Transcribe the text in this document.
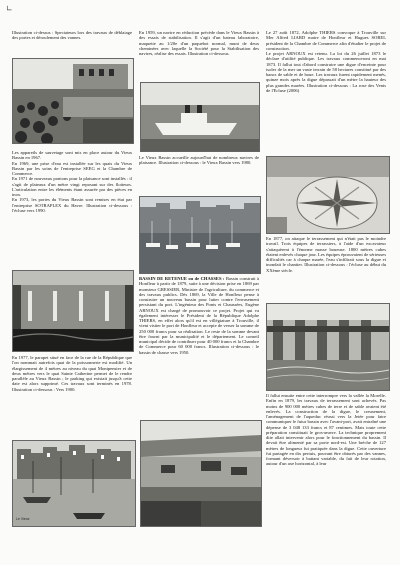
∟
Illustration ci-dessus : Spectateurs lors des travaux de déblaiage des portes et déroulement des vannes.
Les appareils de sauvetage sont mis en place autour du Vieux Bassin en 1967.
En 1969, une prise d'eau est installée sur les quais du Vieux Bassin par les soins de l'entreprise SEEG et la Chambre de Commerce.
En 1971 de nouveaux pontons pour la plaisance sont installés : il s'agit de plateaux d'un mètre vingt reposant sur des flotteurs. L'articulation entre les éléments étant assurée par des pièces en inox.
En 1973, les portes du Vieux Bassin sont remises en état par l'entreprise SOTRAPLEX du Havre. Illustration ci-dessous : l'écluse vers 1990.
En 1977, le parapet situé en face de la rue de la République que l'on nommait autrefois quai de la poissonnerie est modifié. Un élargissement de 4 mètres au niveau du quai Montpensier et de deux mètres vers le quai Sainte Catherine permet de le rendre parallèle au Vieux Bassin ; le parking qui existait jusqu'à cette date est alors supprimé. Ces travaux sont terminés en 1978. Illustration ci-dessous : Vers 1900.
Le Vieux
En 1959, un navire en réduction précède dans le Vieux Bassin à des essais de stabilisation. Il s'agit d'un bateau laboratoire, maquette au 1/20e d'un paquebot normal, muni de deux cheminées avec laquelle la Société pour la Stabilisation des navires, réalise des essais. Illustration ci-dessous.
Le Vieux Bassin accueille aujourd'hui de nombreux navires de plaisance. Illustration ci-dessous : le Vieux Bassin vers 1980.
BASSIN DE RETENUE ou de CHASSES : Bassin construit à Honfleur à partir de 1879, suite à une décision prise en 1869 par monsieur GRESSIER, Ministre de l'agriculture, du commerce et des travaux publics. Dès 1869, la Ville de Honfleur pense à construire un nouveau bassin pour lutter contre l'envasement persistant du port. L'ingénieur des Ponts et Chaussées, Eugène ARNOUX est chargé de promouvoir ce projet. Projet qui va également intéresser le Président de la République Adolphe THIERS, en effet alors qu'il est en villégiature à Trouville, il vient visiter le port de Honfleur et accepte de verser la somme de 250 000 francs pour sa réalisation. Le reste de la somme devant être fourni par la municipalité et le département. Le conseil municipal décide de contribuer pour 40 000 francs et la Chambre de Commerce pour 60 000 francs. Illustration ci-dessous : le bassin de chasse vers 1950.
Le 27 août 1872, Adolphe THIERS convoque à Trouville sur Mer Alfred LIARD maire de Honfleur et Hugues SOREL président de la Chambre de Commerce afin d'étudier le projet de construction.
Le projet ARNOUX est retenu. La loi du 26 juillet 1873 le déclare d'utilité publique. Les travaux commenceront en mai 1873. Il fallut tout d'abord construire une digue d'enceinte pour isoler de la mer un vaste terrain de 58 hectares constitué par des bancs de sable et de boue. Les travaux furent rapidement menés, quinze mois après la digue dépassait d'un mètre la hauteur des plus grandes marées. Illustration ci-dessous : La rose des Vents de l'Ecluse (2006)
En 1877, on attaque le terrassement qui n'était pas le moindre travail. Trois équipes de terrassiers, à l'aide d'un excavateur s'attaquèrent à l'énorme masse boueuse. 1800 mètres cubes étaient enlevés chaque jour. Les équipes éprouvaient de sérieuses difficultés car à chaque marée, l'eau s'infiltrait sous la digue et inondait le chantier. Illustration ci-dessous : l'écluse au début du XXème siècle.
Il fallut ensuite entre cette interrompre vers la vallée la Morelle. Enfin en 1879, les travaux de terrassement sont achevés. Pas moins de 900 000 mètres cubes de terre et de sable avaient été enlevés. La construction de la digue, le creusement, l'aménagement de l'aqueduc réussi vers la Jetée pour faire communiquer le futur bassin avec l'avant-port, avait entraîné une dépense de 3 048 133 francs et 87 centimes. Mais toute cette préparation constituait le gros-œuvre. La technique proprement dite allait intervenir alors pour le fonctionnement du bassin. Il devait être alimenté par sa porte nord-est. Une bréche de 127 mètres de longueur fut pratiquée dans la digue. Cette ouverture fut partagée en dix pertuis, pouvant être obturés par des vannes, formant déversoir à battant variable, du fait de leur rotation, autour d'un axe horizontal, à leur
